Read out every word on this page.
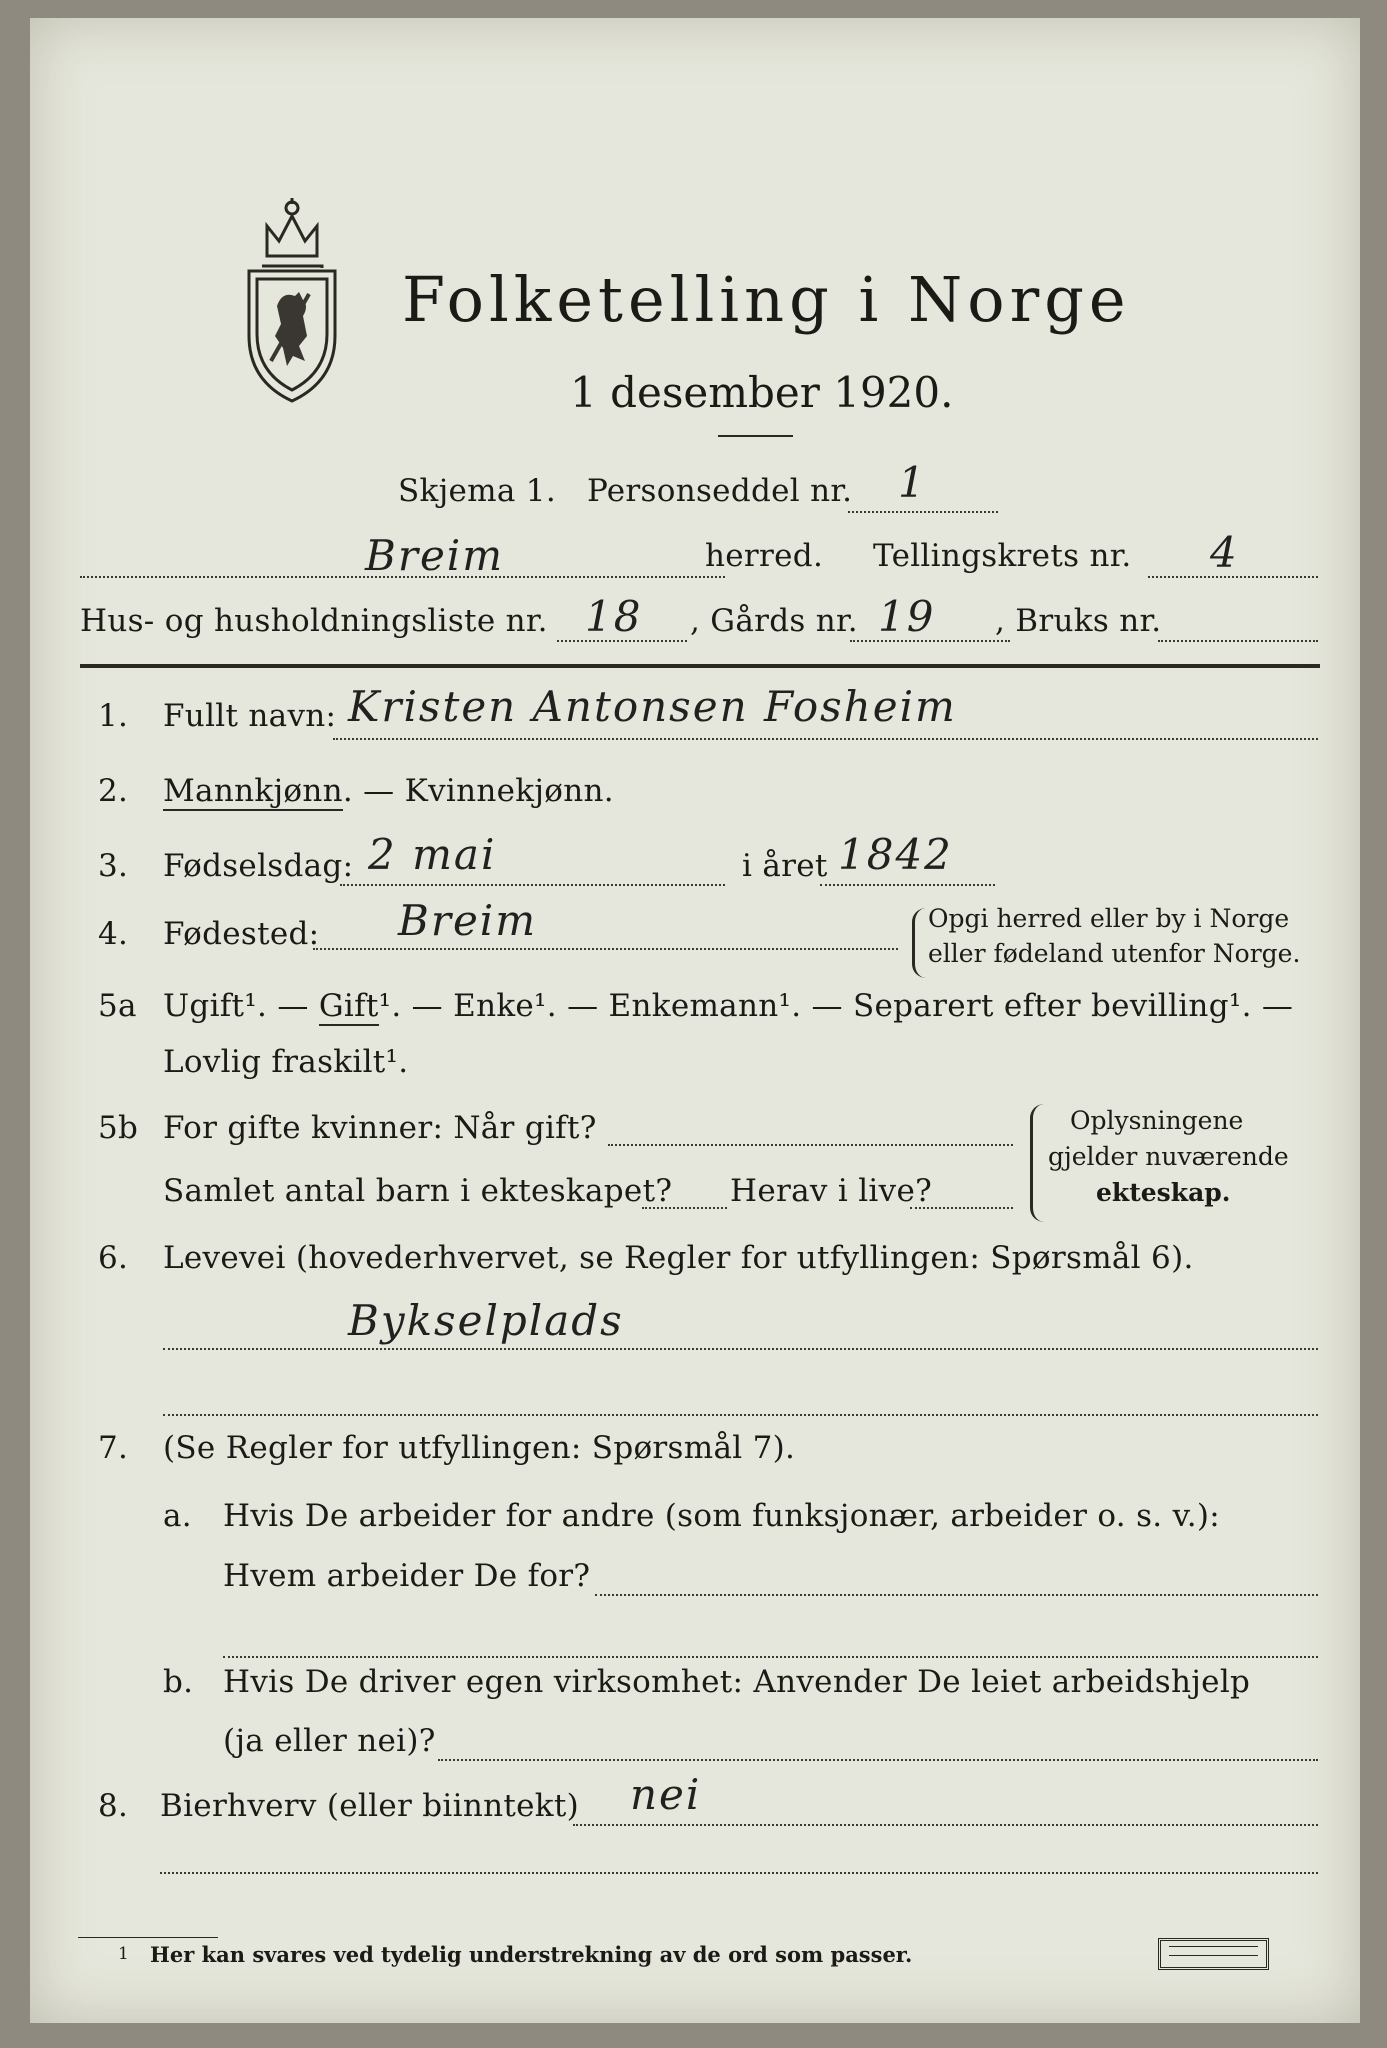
Folketelling i Norge
1 desember 1920.
Skjema 1. Personseddel nr. 1
Breim	herred. Tellingskrets nr. 4
Hus- og husholdningsliste nr. 18 , Gårds nr. 19 , Bruks nr.
1. Fullt navn: Kristen Antonsen Fosheim
2. Mannkjønn. — Kvinnekjønn.
3. Fødselsdag: 2 mai	i året 1842
4. Fødested: Breim	Opgi herred eller by i Norge
eller fødeland utenfor Norge.
5a Ugift¹. — Gift¹. — Enke¹. — Enkemann¹. — Separert efter bevilling¹. —
Lovlig fraskilt¹.
5b For gifte kvinner: Når gift?
Samlet antal barn i ekteskapet? Herav i live?
Oplysningene
gjelder nuværende
ekteskap.
6. Levevei (hovederhvervet, se Regler for utfyllingen: Spørsmål 6).
Bykselplads
7. (Se Regler for utfyllingen: Spørsmål 7).
a. Hvis De arbeider for andre (som funksjonær, arbeider o. s. v.):
Hvem arbeider De for?
b. Hvis De driver egen virksomhet: Anvender De leiet arbeidshjelp
(ja eller nei)?
8. Bierhverv (eller biinntekt) nei
1 Her kan svares ved tydelig understrekning av de ord som passer.
